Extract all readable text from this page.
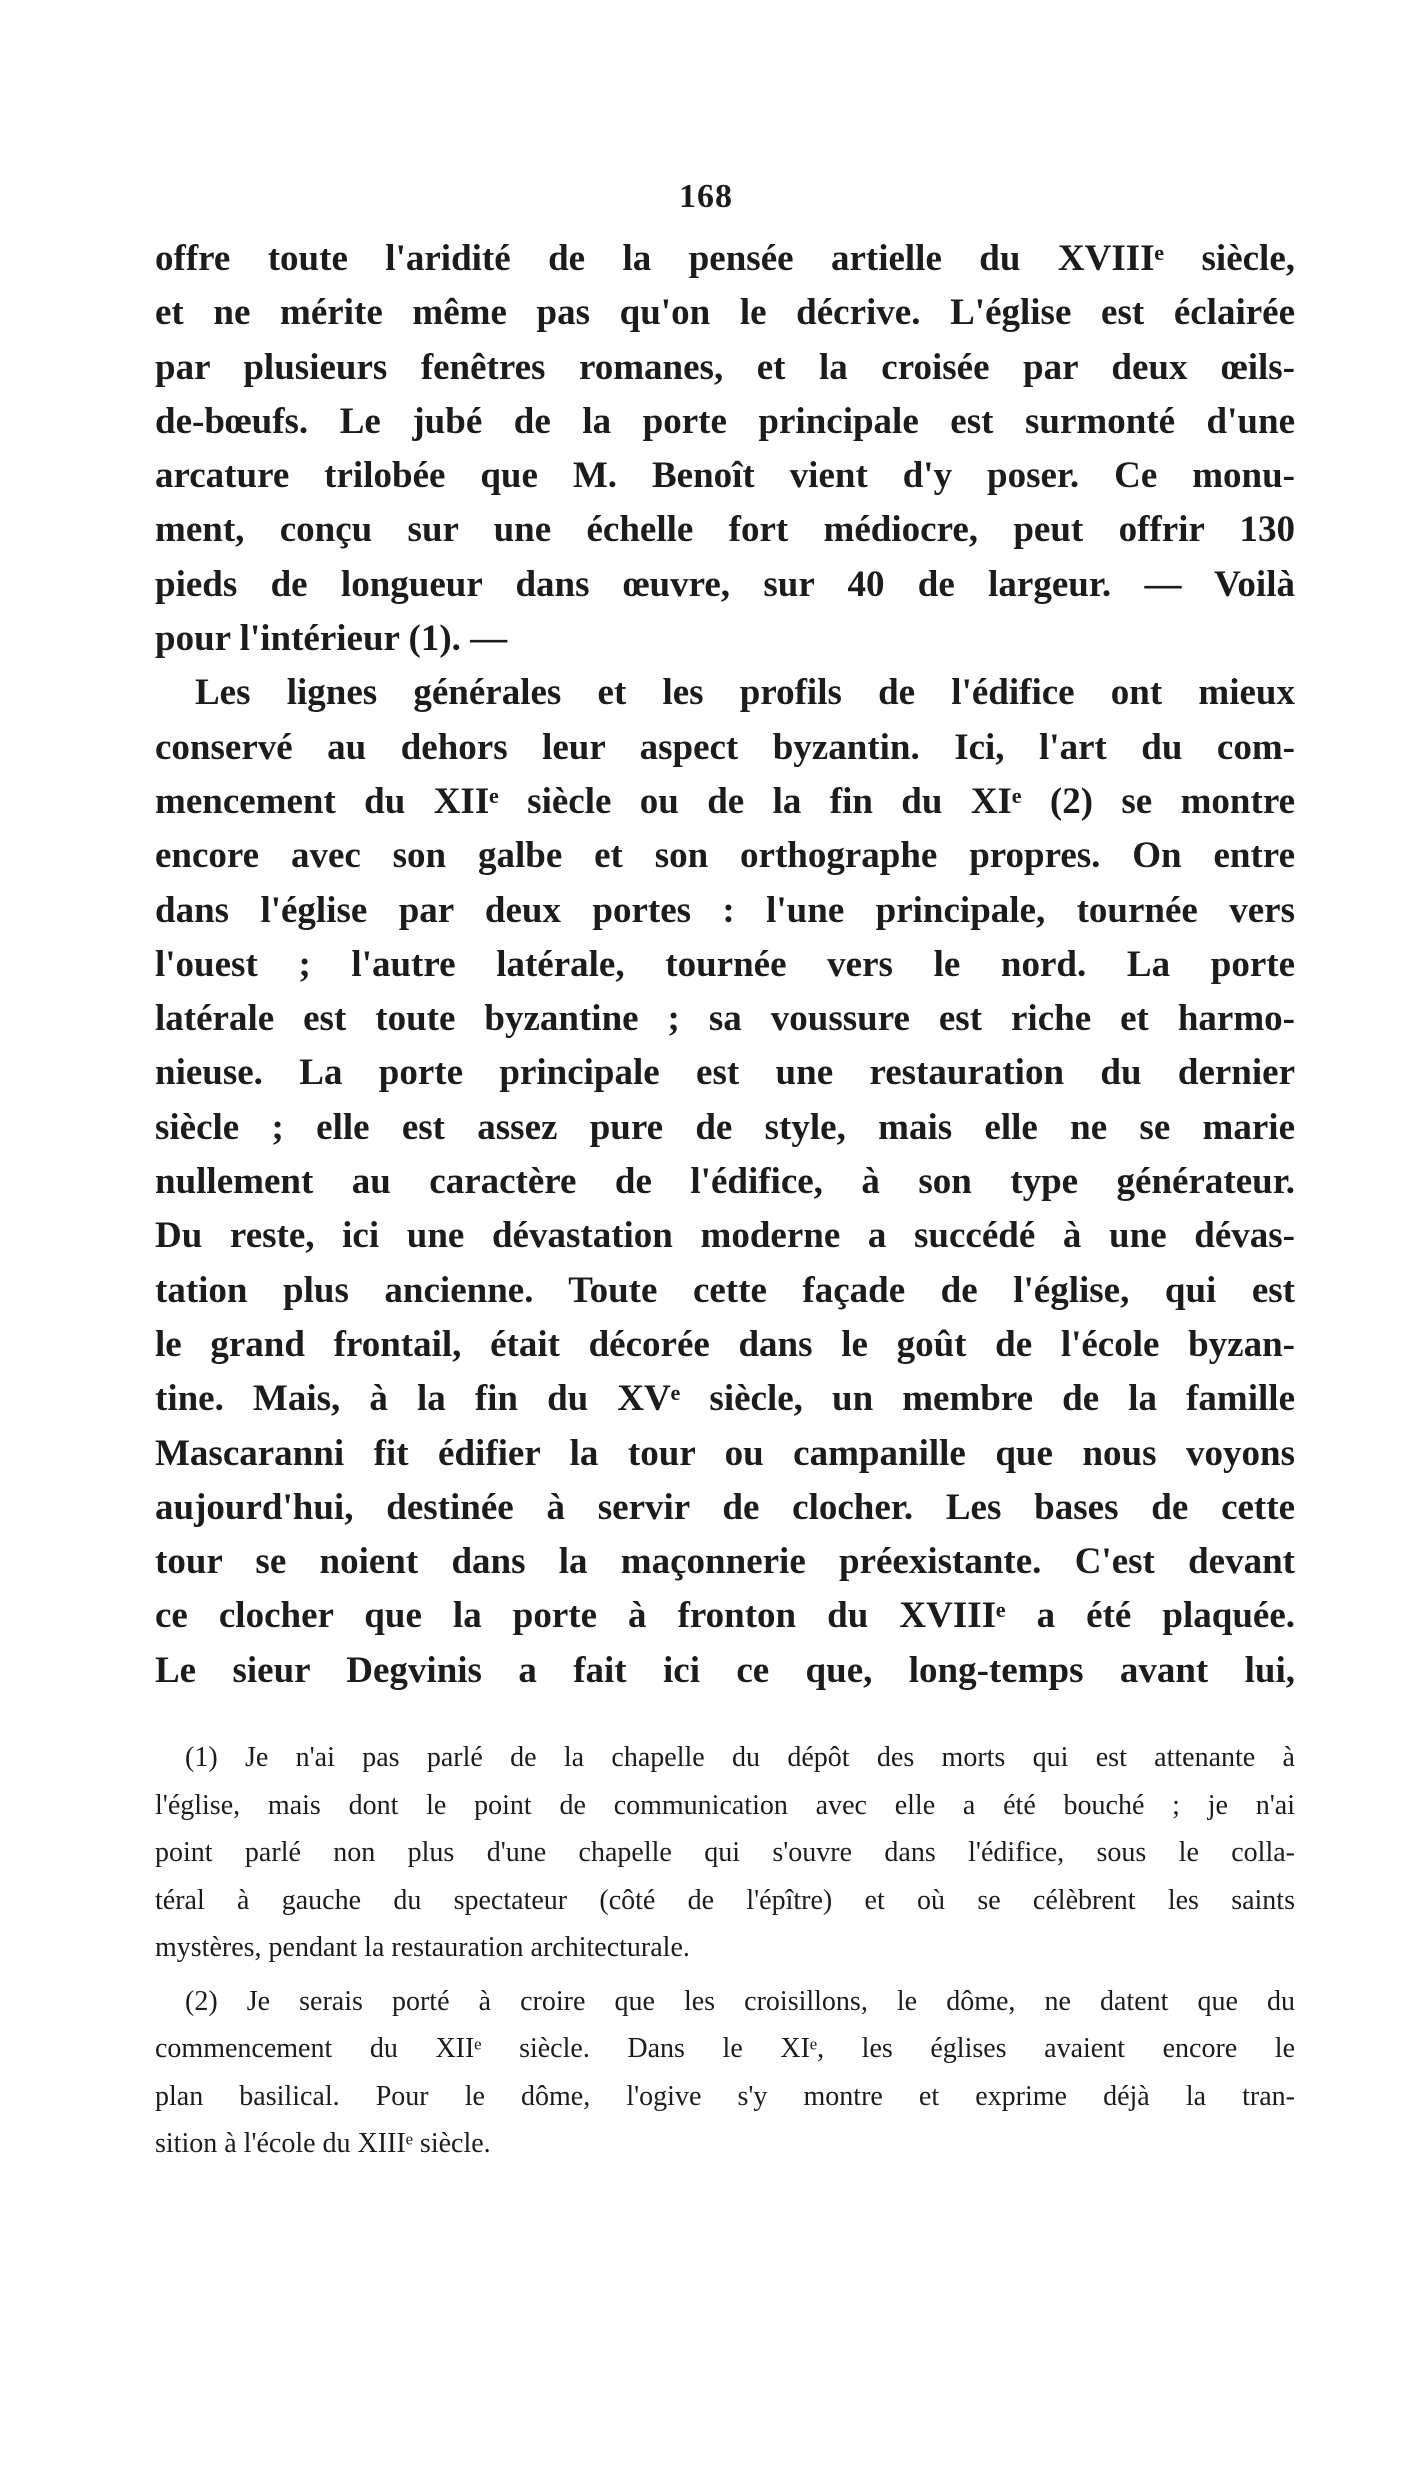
168
offre toute l'aridité de la pensée artielle du XVIIIᵉ siècle,
et ne mérite même pas qu'on le décrive. L'église est éclairée
par plusieurs fenêtres romanes, et la croisée par deux œils-
de-bœufs. Le jubé de la porte principale est surmonté d'une
arcature trilobée que M. Benoît vient d'y poser. Ce monu-
ment, conçu sur une échelle fort médiocre, peut offrir 130
pieds de longueur dans œuvre, sur 40 de largeur. — Voilà
pour l'intérieur (1). —
Les lignes générales et les profils de l'édifice ont mieux
conservé au dehors leur aspect byzantin. Ici, l'art du com-
mencement du XIIᵉ siècle ou de la fin du XIᵉ (2) se montre
encore avec son galbe et son orthographe propres. On entre
dans l'église par deux portes : l'une principale, tournée vers
l'ouest ; l'autre latérale, tournée vers le nord. La porte
latérale est toute byzantine ; sa voussure est riche et harmo-
nieuse. La porte principale est une restauration du dernier
siècle ; elle est assez pure de style, mais elle ne se marie
nullement au caractère de l'édifice, à son type générateur.
Du reste, ici une dévastation moderne a succédé à une dévas-
tation plus ancienne. Toute cette façade de l'église, qui est
le grand frontail, était décorée dans le goût de l'école byzan-
tine. Mais, à la fin du XVᵉ siècle, un membre de la famille
Mascaranni fit édifier la tour ou campanille que nous voyons
aujourd'hui, destinée à servir de clocher. Les bases de cette
tour se noient dans la maçonnerie préexistante. C'est devant
ce clocher que la porte à fronton du XVIIIᵉ a été plaquée.
Le sieur Degvinis a fait ici ce que, long-temps avant lui,
(1) Je n'ai pas parlé de la chapelle du dépôt des morts qui est attenante à
l'église, mais dont le point de communication avec elle a été bouché ; je n'ai
point parlé non plus d'une chapelle qui s'ouvre dans l'édifice, sous le colla-
téral à gauche du spectateur (côté de l'épître) et où se célèbrent les saints
mystères, pendant la restauration architecturale.
(2) Je serais porté à croire que les croisillons, le dôme, ne datent que du
commencement du XIIᵉ siècle. Dans le XIᵉ, les églises avaient encore le
plan basilical. Pour le dôme, l'ogive s'y montre et exprime déjà la tran-
sition à l'école du XIIIᵉ siècle.
